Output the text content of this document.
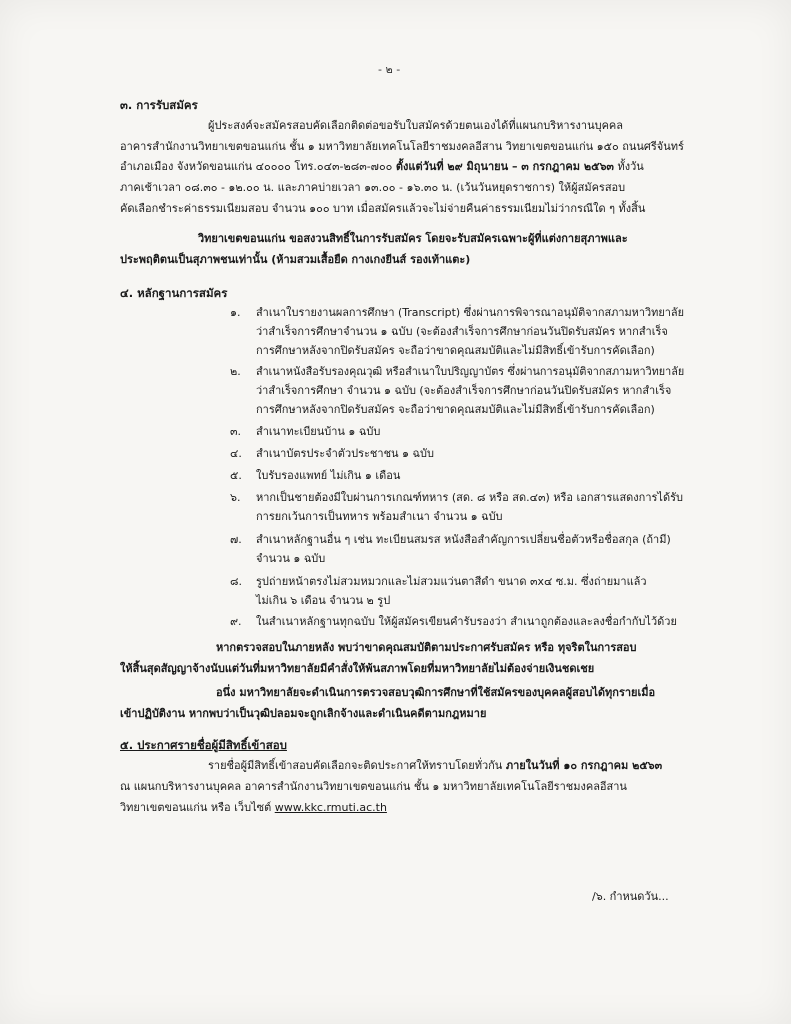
- ๒ -
๓. การรับสมัคร
ผู้ประสงค์จะสมัครสอบคัดเลือกติดต่อขอรับใบสมัครด้วยตนเองได้ที่แผนกบริหารงานบุคคล
อาคารสำนักงานวิทยาเขตขอนแก่น ชั้น ๑ มหาวิทยาลัยเทคโนโลยีราชมงคลอีสาน วิทยาเขตขอนแก่น ๑๕๐ ถนนศรีจันทร์
อำเภอเมือง จังหวัดขอนแก่น ๔๐๐๐๐ โทร.๐๔๓-๒๘๓-๗๐๐ ตั้งแต่วันที่ ๒๙ มิถุนายน – ๓ กรกฎาคม ๒๕๖๓ ทั้งวัน
ภาคเช้าเวลา ๐๘.๓๐ - ๑๒.๐๐ น. และภาคบ่ายเวลา ๑๓.๐๐ - ๑๖.๓๐ น. (เว้นวันหยุดราชการ) ให้ผู้สมัครสอบ
คัดเลือกชำระค่าธรรมเนียมสอบ จำนวน ๑๐๐ บาท เมื่อสมัครแล้วจะไม่จ่ายคืนค่าธรรมเนียมไม่ว่ากรณีใด ๆ ทั้งสิ้น
วิทยาเขตขอนแก่น ขอสงวนสิทธิ์ในการรับสมัคร โดยจะรับสมัครเฉพาะผู้ที่แต่งกายสุภาพและ
ประพฤติตนเป็นสุภาพชนเท่านั้น (ห้ามสวมเสื้อยืด กางเกงยีนส์ รองเท้าแตะ)
๔. หลักฐานการสมัคร
๑. สำเนาใบรายงานผลการศึกษา (Transcript) ซึ่งผ่านการพิจารณาอนุมัติจากสภามหาวิทยาลัย
ว่าสำเร็จการศึกษาจำนวน ๑ ฉบับ (จะต้องสำเร็จการศึกษาก่อนวันปิดรับสมัคร หากสำเร็จ
การศึกษาหลังจากปิดรับสมัคร จะถือว่าขาดคุณสมบัติและไม่มีสิทธิ์เข้ารับการคัดเลือก)
๒. สำเนาหนังสือรับรองคุณวุฒิ หรือสำเนาใบปริญญาบัตร ซึ่งผ่านการอนุมัติจากสภามหาวิทยาลัย
ว่าสำเร็จการศึกษา จำนวน ๑ ฉบับ (จะต้องสำเร็จการศึกษาก่อนวันปิดรับสมัคร หากสำเร็จ
การศึกษาหลังจากปิดรับสมัคร จะถือว่าขาดคุณสมบัติและไม่มีสิทธิ์เข้ารับการคัดเลือก)
๓. สำเนาทะเบียนบ้าน ๑ ฉบับ
๔. สำเนาบัตรประจำตัวประชาชน ๑ ฉบับ
๕. ใบรับรองแพทย์ ไม่เกิน ๑ เดือน
๖. หากเป็นชายต้องมีใบผ่านการเกณฑ์ทหาร (สด. ๘ หรือ สด.๔๓) หรือ เอกสารแสดงการได้รับ
การยกเว้นการเป็นทหาร พร้อมสำเนา จำนวน ๑ ฉบับ
๗. สำเนาหลักฐานอื่น ๆ เช่น ทะเบียนสมรส หนังสือสำคัญการเปลี่ยนชื่อตัวหรือชื่อสกุล (ถ้ามี)
จำนวน ๑ ฉบับ
๘. รูปถ่ายหน้าตรงไม่สวมหมวกและไม่สวมแว่นตาสีดำ ขนาด ๓x๔ ซ.ม. ซึ่งถ่ายมาแล้ว
ไม่เกิน ๖ เดือน จำนวน ๒ รูป
๙. ในสำเนาหลักฐานทุกฉบับ ให้ผู้สมัครเขียนคำรับรองว่า สำเนาถูกต้องและลงชื่อกำกับไว้ด้วย
หากตรวจสอบในภายหลัง พบว่าขาดคุณสมบัติตามประกาศรับสมัคร หรือ ทุจริตในการสอบ
ให้สิ้นสุดสัญญาจ้างนับแต่วันที่มหาวิทยาลัยมีคำสั่งให้พ้นสภาพโดยที่มหาวิทยาลัยไม่ต้องจ่ายเงินชดเชย
อนึ่ง มหาวิทยาลัยจะดำเนินการตรวจสอบวุฒิการศึกษาที่ใช้สมัครของบุคคลผู้สอบได้ทุกรายเมื่อ
เข้าปฏิบัติงาน หากพบว่าเป็นวุฒิปลอมจะถูกเลิกจ้างและดำเนินคดีตามกฎหมาย
๕. ประกาศรายชื่อผู้มีสิทธิ์เข้าสอบ
รายชื่อผู้มีสิทธิ์เข้าสอบคัดเลือกจะติดประกาศให้ทราบโดยทั่วกัน ภายในวันที่ ๑๐ กรกฎาคม ๒๕๖๓
ณ แผนกบริหารงานบุคคล อาคารสำนักงานวิทยาเขตขอนแก่น ชั้น ๑ มหาวิทยาลัยเทคโนโลยีราชมงคลอีสาน
วิทยาเขตขอนแก่น หรือ เว็บไซต์ www.kkc.rmuti.ac.th
/๖. กำหนดวัน...
